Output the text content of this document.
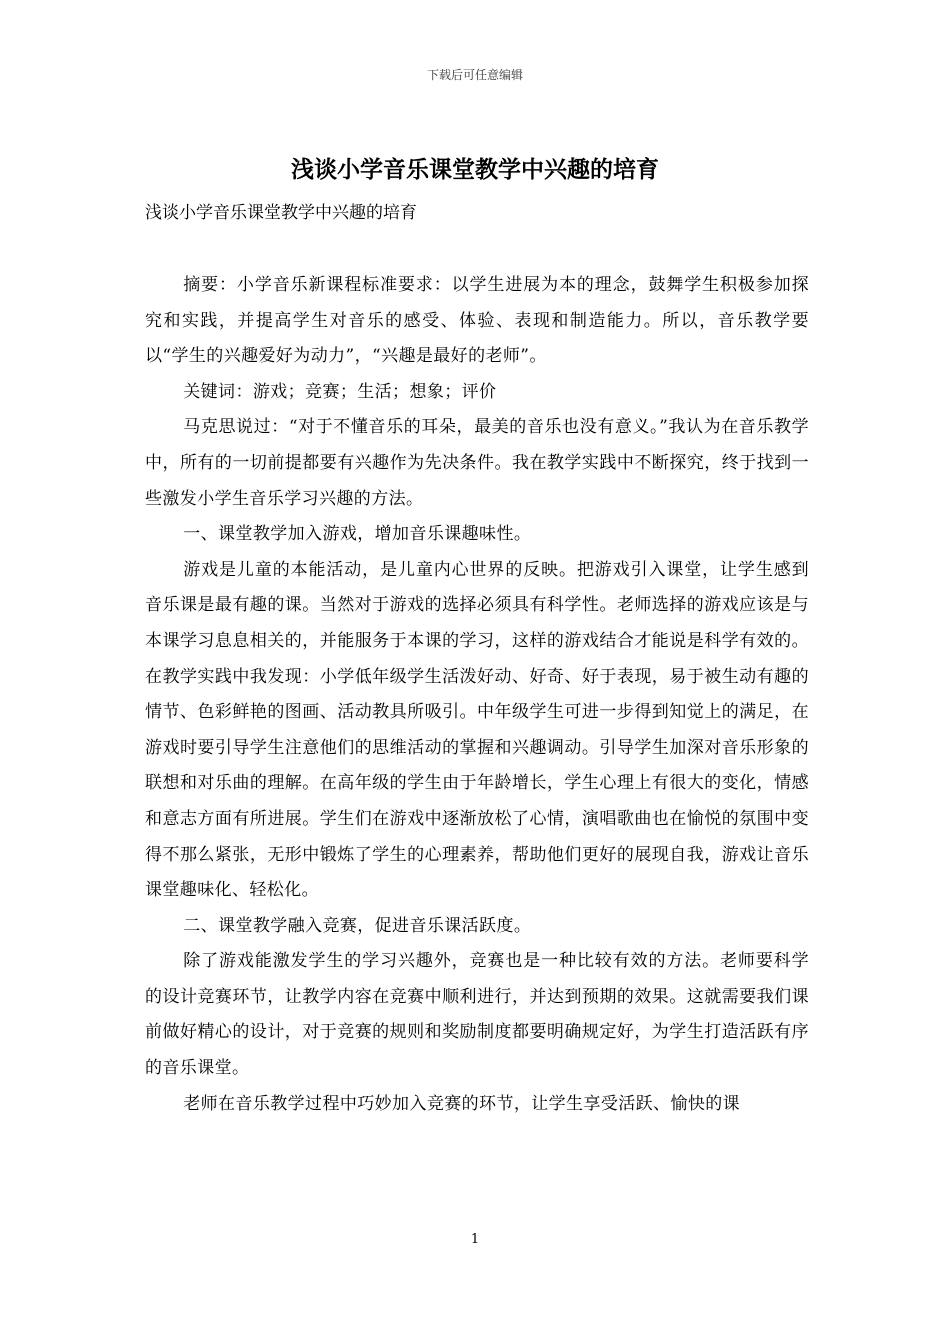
下载后可任意编辑
浅谈小学音乐课堂教学中兴趣的培育
浅谈小学音乐课堂教学中兴趣的培育

摘要：小学音乐新课程标准要求：以学生进展为本的理念，鼓舞学生积极参加探究和实践，并提高学生对音乐的感受、体验、表现和制造能力。所以，音乐教学要以“学生的兴趣爱好为动力”，“兴趣是最好的老师”。

关键词：游戏；竞赛；生活；想象；评价

马克思说过：“对于不懂音乐的耳朵，最美的音乐也没有意义。”我认为在音乐教学中，所有的一切前提都要有兴趣作为先决条件。我在教学实践中不断探究，终于找到一些激发小学生音乐学习兴趣的方法。

一、课堂教学加入游戏，增加音乐课趣味性。

游戏是儿童的本能活动，是儿童内心世界的反映。把游戏引入课堂，让学生感到音乐课是最有趣的课。当然对于游戏的选择必须具有科学性。老师选择的游戏应该是与本课学习息息相关的，并能服务于本课的学习，这样的游戏结合才能说是科学有效的。在教学实践中我发现：小学低年级学生活泼好动、好奇、好于表现，易于被生动有趣的情节、色彩鲜艳的图画、活动教具所吸引。中年级学生可进一步得到知觉上的满足，在游戏时要引导学生注意他们的思维活动的掌握和兴趣调动。引导学生加深对音乐形象的联想和对乐曲的理解。在高年级的学生由于年龄增长，学生心理上有很大的变化，情感和意志方面有所进展。学生们在游戏中逐渐放松了心情，演唱歌曲也在愉悦的氛围中变得不那么紧张，无形中锻炼了学生的心理素养，帮助他们更好的展现自我，游戏让音乐课堂趣味化、轻松化。

二、课堂教学融入竞赛，促进音乐课活跃度。

除了游戏能激发学生的学习兴趣外，竞赛也是一种比较有效的方法。老师要科学的设计竞赛环节，让教学内容在竞赛中顺利进行，并达到预期的效果。这就需要我们课前做好精心的设计，对于竞赛的规则和奖励制度都要明确规定好，为学生打造活跃有序的音乐课堂。

老师在音乐教学过程中巧妙加入竞赛的环节，让学生享受活跃、愉快的课

1
